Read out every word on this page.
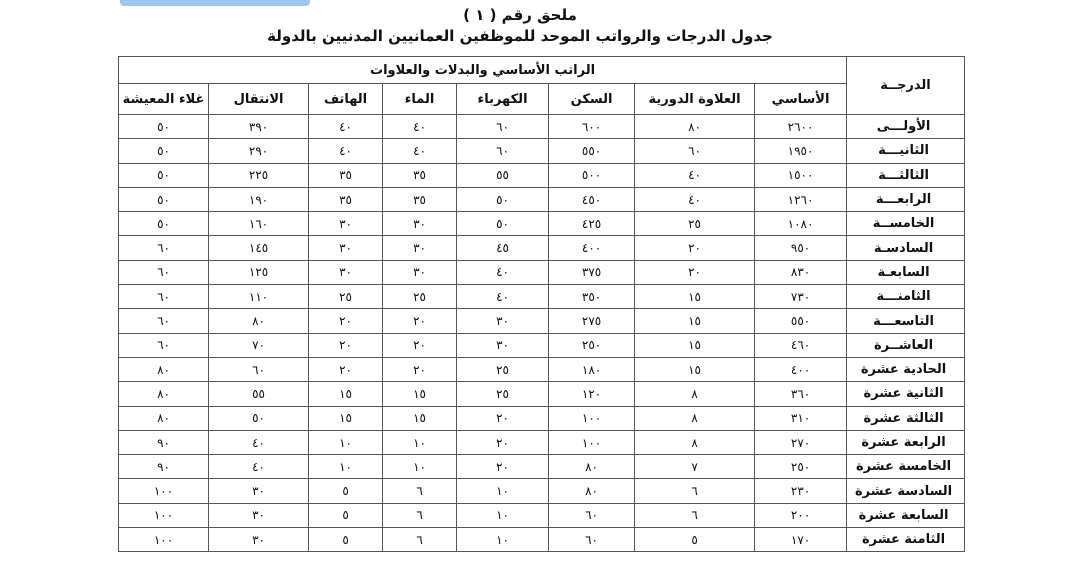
ملحق رقم ( ١ )
جدول الدرجات والرواتب الموحد للموظفين العمانيين المدنيين بالدولة
الدرجــة	الراتب الأساسي والبدلات والعلاوات							
	الأساسي	العلاوة الدورية	السكن	الكهرباء	الماء	الهاتف	الانتقال	غلاء المعيشة
الأولـــى	٢٦٠٠	٨٠	٦٠٠	٦٠	٤٠	٤٠	٣٩٠	٥٠
الثانيـــة	١٩٥٠	٦٠	٥٥٠	٦٠	٤٠	٤٠	٢٩٠	٥٠
الثالثـــة	١٥٠٠	٤٠	٥٠٠	٥٥	٣٥	٣٥	٢٢٥	٥٠
الرابعـــة	١٢٦٠	٤٠	٤٥٠	٥٠	٣٥	٣٥	١٩٠	٥٠
الخامســة	١٠٨٠	٢٥	٤٢٥	٥٠	٣٠	٣٠	١٦٠	٥٠
السادسـة	٩٥٠	٢٠	٤٠٠	٤٥	٣٠	٣٠	١٤٥	٦٠
السابعـة	٨٣٠	٢٠	٣٧٥	٤٠	٣٠	٣٠	١٢٥	٦٠
الثامنـــة	٧٣٠	١٥	٣٥٠	٤٠	٢٥	٢٥	١١٠	٦٠
التاسعـــة	٥٥٠	١٥	٢٧٥	٣٠	٢٠	٢٠	٨٠	٦٠
العاشــرة	٤٦٠	١٥	٢٥٠	٣٠	٢٠	٢٠	٧٠	٦٠
الحادية عشرة	٤٠٠	١٥	١٨٠	٢٥	٢٠	٢٠	٦٠	٨٠
الثانية عشرة	٣٦٠	٨	١٢٠	٢٥	١٥	١٥	٥٥	٨٠
الثالثة عشرة	٣١٠	٨	١٠٠	٢٠	١٥	١٥	٥٠	٨٠
الرابعة عشرة	٢٧٠	٨	١٠٠	٢٠	١٠	١٠	٤٠	٩٠
الخامسة عشرة	٢٥٠	٧	٨٠	٢٠	١٠	١٠	٤٠	٩٠
السادسة عشرة	٢٣٠	٦	٨٠	١٠	٦	٥	٣٠	١٠٠
السابعة عشرة	٢٠٠	٦	٦٠	١٠	٦	٥	٣٠	١٠٠
الثامنة عشرة	١٧٠	٥	٦٠	١٠	٦	٥	٣٠	١٠٠
